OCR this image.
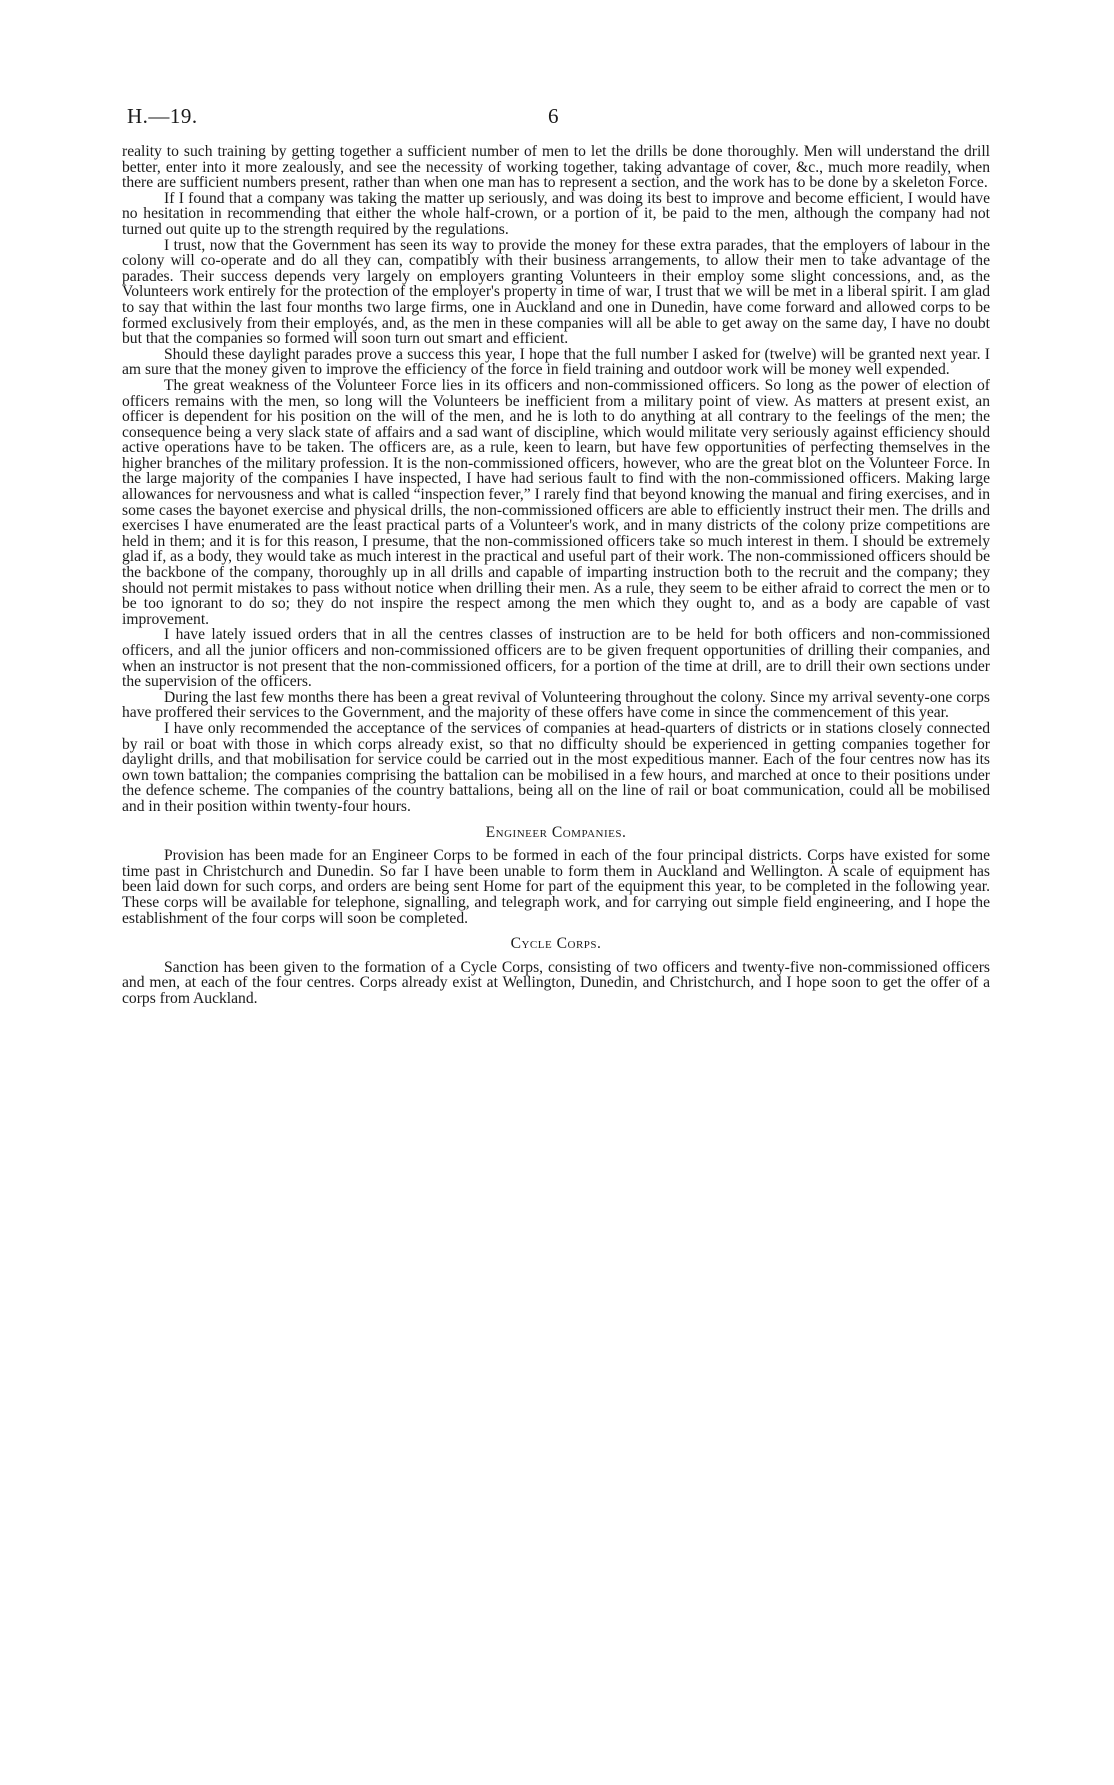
H.—19.	6

reality to such training by getting together a sufficient number of men to let the drills be done thoroughly. Men will understand the drill better, enter into it more zealously, and see the necessity of working together, taking advantage of cover, &c., much more readily, when there are sufficient numbers present, rather than when one man has to represent a section, and the work has to be done by a skeleton Force.

If I found that a company was taking the matter up seriously, and was doing its best to improve and become efficient, I would have no hesitation in recommending that either the whole half-crown, or a portion of it, be paid to the men, although the company had not turned out quite up to the strength required by the regulations.

I trust, now that the Government has seen its way to provide the money for these extra parades, that the employers of labour in the colony will co-operate and do all they can, compatibly with their business arrangements, to allow their men to take advantage of the parades. Their success depends very largely on employers granting Volunteers in their employ some slight concessions, and, as the Volunteers work entirely for the protection of the employer's property in time of war, I trust that we will be met in a liberal spirit. I am glad to say that within the last four months two large firms, one in Auckland and one in Dunedin, have come forward and allowed corps to be formed exclusively from their employés, and, as the men in these companies will all be able to get away on the same day, I have no doubt but that the companies so formed will soon turn out smart and efficient.

Should these daylight parades prove a success this year, I hope that the full number I asked for (twelve) will be granted next year. I am sure that the money given to improve the efficiency of the force in field training and outdoor work will be money well expended.

The great weakness of the Volunteer Force lies in its officers and non-commissioned officers. So long as the power of election of officers remains with the men, so long will the Volunteers be inefficient from a military point of view. As matters at present exist, an officer is dependent for his position on the will of the men, and he is loth to do anything at all contrary to the feelings of the men; the consequence being a very slack state of affairs and a sad want of discipline, which would militate very seriously against efficiency should active operations have to be taken. The officers are, as a rule, keen to learn, but have few opportunities of perfecting themselves in the higher branches of the military profession. It is the non-commissioned officers, however, who are the great blot on the Volunteer Force. In the large majority of the companies I have inspected, I have had serious fault to find with the non-commissioned officers. Making large allowances for nervousness and what is called “inspection fever,” I rarely find that beyond knowing the manual and firing exercises, and in some cases the bayonet exercise and physical drills, the non-commissioned officers are able to efficiently instruct their men. The drills and exercises I have enumerated are the least practical parts of a Volunteer's work, and in many districts of the colony prize competitions are held in them; and it is for this reason, I presume, that the non-commissioned officers take so much interest in them. I should be extremely glad if, as a body, they would take as much interest in the practical and useful part of their work. The non-commissioned officers should be the backbone of the company, thoroughly up in all drills and capable of imparting instruction both to the recruit and the company; they should not permit mistakes to pass without notice when drilling their men. As a rule, they seem to be either afraid to correct the men or to be too ignorant to do so; they do not inspire the respect among the men which they ought to, and as a body are capable of vast improvement.

I have lately issued orders that in all the centres classes of instruction are to be held for both officers and non-commissioned officers, and all the junior officers and non-commissioned officers are to be given frequent opportunities of drilling their companies, and when an instructor is not present that the non-commissioned officers, for a portion of the time at drill, are to drill their own sections under the supervision of the officers.

During the last few months there has been a great revival of Volunteering throughout the colony. Since my arrival seventy-one corps have proffered their services to the Government, and the majority of these offers have come in since the commencement of this year.

I have only recommended the acceptance of the services of companies at head-quarters of districts or in stations closely connected by rail or boat with those in which corps already exist, so that no difficulty should be experienced in getting companies together for daylight drills, and that mobilisation for service could be carried out in the most expeditious manner. Each of the four centres now has its own town battalion; the companies comprising the battalion can be mobilised in a few hours, and marched at once to their positions under the defence scheme. The companies of the country battalions, being all on the line of rail or boat communication, could all be mobilised and in their position within twenty-four hours.

Engineer Companies.

Provision has been made for an Engineer Corps to be formed in each of the four principal districts. Corps have existed for some time past in Christchurch and Dunedin. So far I have been unable to form them in Auckland and Wellington. A scale of equipment has been laid down for such corps, and orders are being sent Home for part of the equipment this year, to be completed in the following year. These corps will be available for telephone, signalling, and telegraph work, and for carrying out simple field engineering, and I hope the establishment of the four corps will soon be completed.

Cycle Corps.

Sanction has been given to the formation of a Cycle Corps, consisting of two officers and twenty-five non-commissioned officers and men, at each of the four centres. Corps already exist at Wellington, Dunedin, and Christchurch, and I hope soon to get the offer of a corps from Auckland.
